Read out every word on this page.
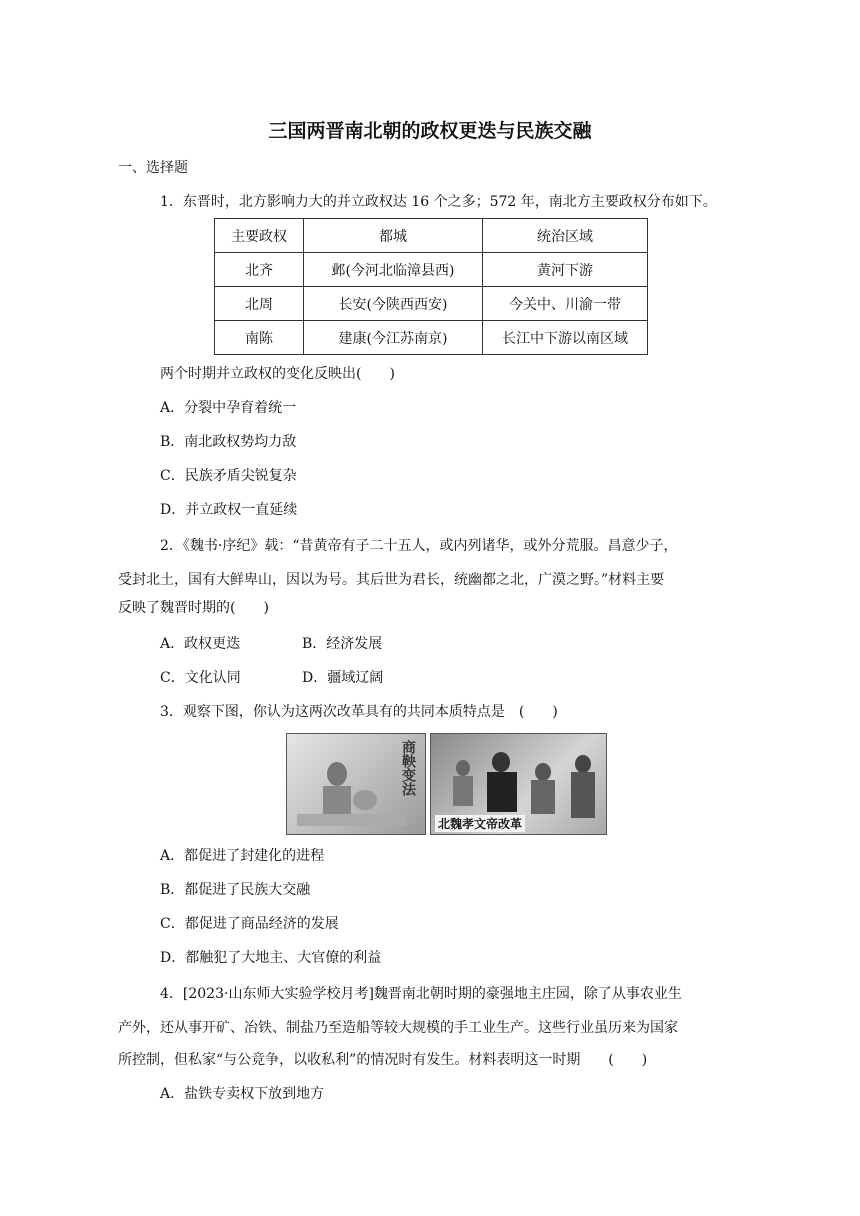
三国两晋南北朝的政权更迭与民族交融
一、选择题
1．东晋时，北方影响力大的并立政权达 16 个之多；572 年，南北方主要政权分布如下。
主要政权	都城	统治区域
北齐	邺(今河北临漳县西)	黄河下游
北周	长安(今陕西西安)	今关中、川渝一带
南陈	建康(今江苏南京)	长江中下游以南区域
两个时期并立政权的变化反映出(　　)
A．分裂中孕育着统一
B．南北政权势均力敌
C．民族矛盾尖锐复杂
D．并立政权一直延续
2．《魏书·序纪》载：“昔黄帝有子二十五人，或内列诸华，或外分荒服。昌意少子，
受封北土，国有大鲜卑山，因以为号。其后世为君长，统幽都之北，广漠之野。”材料主要
反映了魏晋时期的(　　)
A．政权更迭	B．经济发展
C．文化认同	D．疆域辽阔
3．观察下图，你认为这两次改革具有的共同本质特点是　(　　)
商鞅变法
北魏孝文帝改革
A．都促进了封建化的进程
B．都促进了民族大交融
C．都促进了商品经济的发展
D．都触犯了大地主、大官僚的利益
4．[2023·山东师大实验学校月考]魏晋南北朝时期的豪强地主庄园，除了从事农业生
产外，还从事开矿、冶铁、制盐乃至造船等较大规模的手工业生产。这些行业虽历来为国家
所控制，但私家“与公竞争，以收私利”的情况时有发生。材料表明这一时期　　(　　)
A．盐铁专卖权下放到地方
